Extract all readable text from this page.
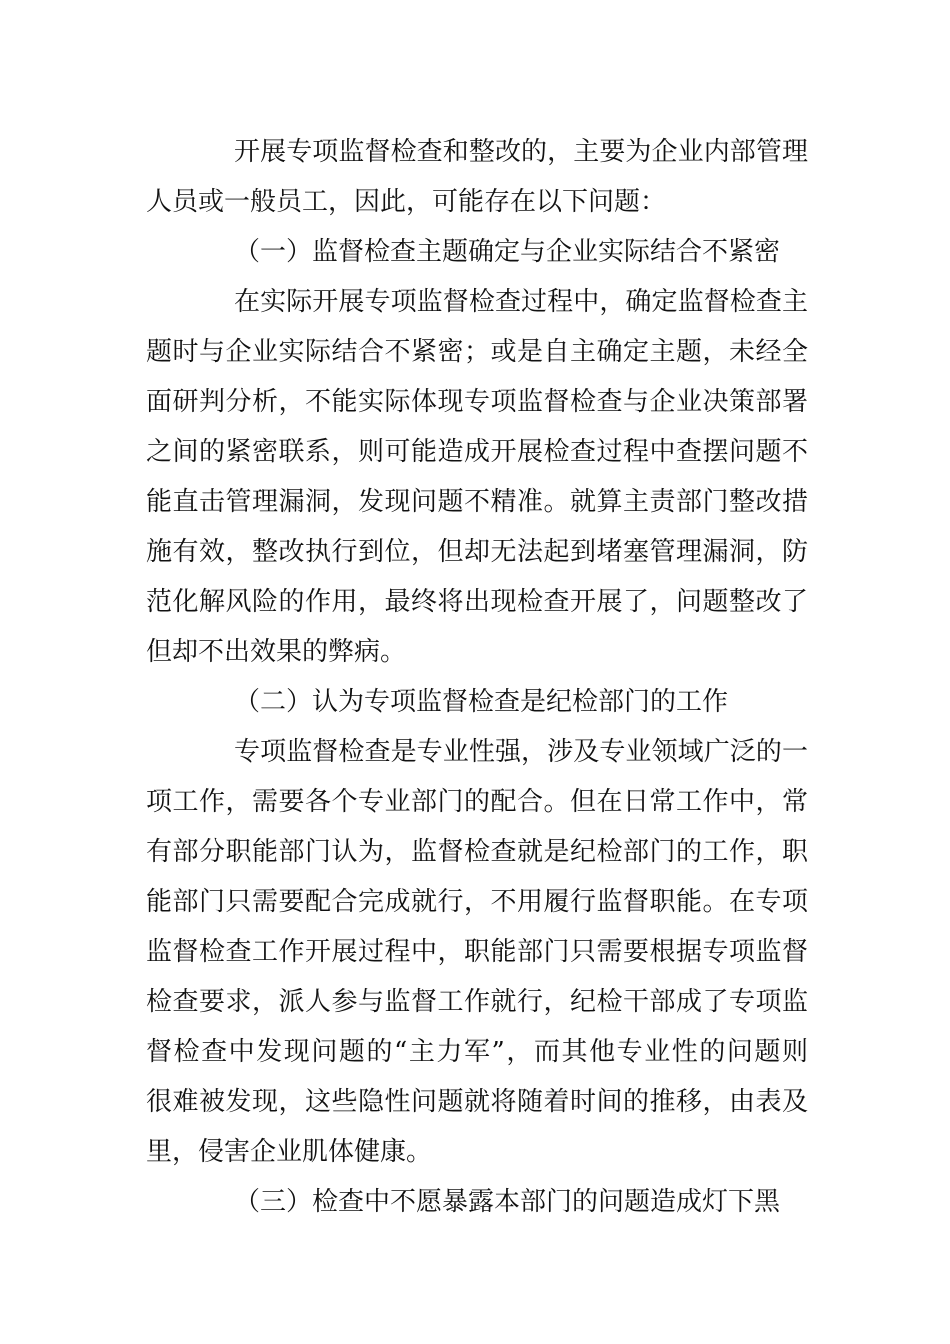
开展专项监督检查和整改的，主要为企业内部管理
人员或一般员工，因此，可能存在以下问题：
（一）监督检查主题确定与企业实际结合不紧密
在实际开展专项监督检查过程中，确定监督检查主
题时与企业实际结合不紧密；或是自主确定主题，未经全
面研判分析，不能实际体现专项监督检查与企业决策部署
之间的紧密联系，则可能造成开展检查过程中查摆问题不
能直击管理漏洞，发现问题不精准。就算主责部门整改措
施有效，整改执行到位，但却无法起到堵塞管理漏洞，防
范化解风险的作用，最终将出现检查开展了，问题整改了
但却不出效果的弊病。
（二）认为专项监督检查是纪检部门的工作
专项监督检查是专业性强，涉及专业领域广泛的一
项工作，需要各个专业部门的配合。但在日常工作中，常
有部分职能部门认为，监督检查就是纪检部门的工作，职
能部门只需要配合完成就行，不用履行监督职能。在专项
监督检查工作开展过程中，职能部门只需要根据专项监督
检查要求，派人参与监督工作就行，纪检干部成了专项监
督检查中发现问题的“主力军”，而其他专业性的问题则
很难被发现，这些隐性问题就将随着时间的推移，由表及
里，侵害企业肌体健康。
（三）检查中不愿暴露本部门的问题造成灯下黑
